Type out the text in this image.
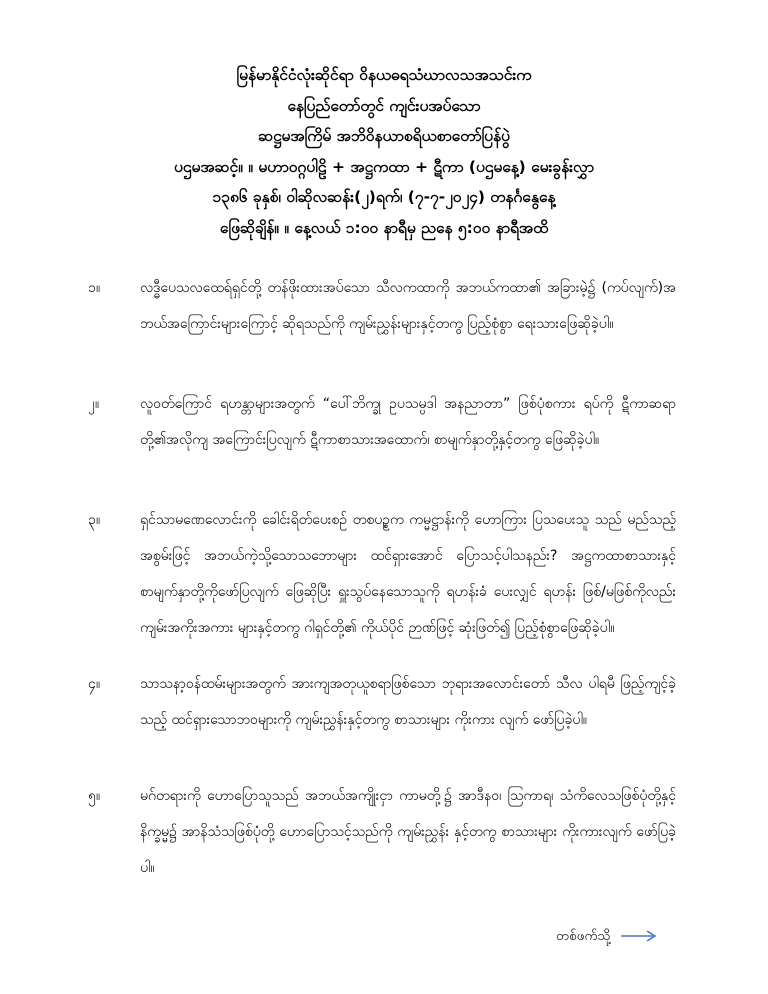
မြန်မာနိုင်ငံလုံးဆိုင်ရာ ဝိနယဓရသံဃာလသအသင်းက
နေပြည်တော်တွင် ကျင်းပအပ်သော
ဆဋ္ဌမအကြိမ် အဘိဝိနယာစရိယစာတော်ပြန်ပွဲ
ပဌမအဆင့်။ ။ မဟာဝဂ္ဂပါဠိ + အဋ္ဌကထာ + ဋီကာ (ပဌမနေ့) မေးခွန်းလွှာ
၁၃၈၆ ခုနှစ်၊ ဝါဆိုလဆန်း(၂)ရက်၊ (၇-၇-၂၀၂၄) တနင်္ဂနွေနေ့
ဖြေဆိုချိန်။ ။ နေ့လယ် ၁:၀၀ နာရီမှ ညနေ ၅:၀၀ နာရီအထိ
၁။	လဒ္ဓီပေသလထေရ်ရှင်တို့ တန်ဖိုးထားအပ်သော သီလကထာကို အဘယ်ကထာ၏ အခြားမဲ့၌ (ကပ်လျက်)အဘယ်အကြောင်းများကြောင့် ဆိုရသည်ကို ကျမ်းညွှန်းများနှင့်တကွ ပြည့်စုံစွာ ရေးသားဖြေဆိုခဲ့ပါ။
၂။	လူဝတ်ကြောင် ရဟန္တာများအတွက် “ပေါ်ဘိက္ခု ဥပသမ္ပဒါ အနညာတာ” ဖြစ်ပုံစကား ရပ်ကို ဋီကာဆရာတို့၏အလိုကျ အကြောင်းပြလျက် ဋီကာစာသားအထောက်၊ စာမျက်နှာတို့နှင့်တကွ ဖြေဆိုခဲ့ပါ။
၃။	ရှင်သာမဏေလောင်းကို ခေါင်းရိတ်ပေးစဉ် တစပဉ္စက ကမ္မဋ္ဌာန်းကို ဟောကြား ပြသပေးသူ သည် မည်သည့်အစွမ်းဖြင့် အဘယ်ကဲ့သို့သောသဘောများ ထင်ရှားအောင် ပြောသင့်ပါသနည်း? အဋ္ဌကထာစာသားနှင့် စာမျက်နှာတို့ကိုဖော်ပြလျက် ဖြေဆိုပြီး ရှူးသွပ်နေသောသူကို ရဟန်းခံ ပေးလျှင် ရဟန်း ဖြစ်/မဖြစ်ကိုလည်း ကျမ်းအကိုးအကား များနှင့်တကွ ဂါရှင်တို့၏ ကိုယ်ပိုင် ဉာဏ်ဖြင့် ဆုံးဖြတ်၍ ပြည့်စုံစွာဖြေဆိုခဲ့ပါ။
၄။	သာသနာ့ဝန်ထမ်းများအတွက် အားကျအတုယူစရာဖြစ်သော ဘုရားအလောင်းတော် သီလ ပါရမီ ဖြည့်ကျင့်ခဲ့သည့် ထင်ရှားသောဘဝများကို ကျမ်းညွှန်းနှင့်တကွ စာသားများ ကိုးကား လျက် ဖော်ပြခဲ့ပါ။
၅။	မဂ်တရားကို ဟောပြောသူသည် အဘယ်အကျိုးငှာ ကာမတို့၌ အာဒီနဝ၊ ဩကာရ၊ သံကိလေသဖြစ်ပုံတို့နှင့် နိက္ခမ္မ၌ အာနိသံသဖြစ်ပုံတို့ ဟောပြောသင့်သည်ကို ကျမ်းညွှန်း နှင့်တကွ စာသားများ ကိုးကားလျက် ဖော်ပြခဲ့ပါ။
တစ်ဖက်သို့
